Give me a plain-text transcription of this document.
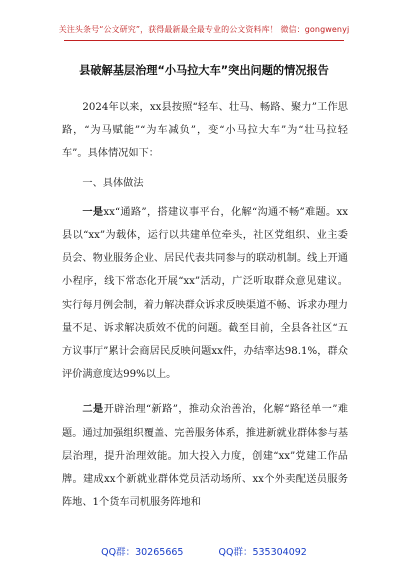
关注头条号“公文研究”，获得最新最全最专业的公文资料库！ 微信：gongwenyj
县破解基层治理“小马拉大车”突出问题的情况报告

2024年以来，xx县按照“轻车、壮马、畅路、聚力”工作思路，“为马赋能”“为车减负”，变“小马拉大车”为“壮马拉轻车”。具体情况如下：

一、具体做法

一是xx“通路”，搭建议事平台，化解“沟通不畅”难题。xx县以“xx”为载体，运行以共建单位牵头，社区党组织、业主委员会、物业服务企业、居民代表共同参与的联动机制。线上开通小程序，线下常态化开展“xx”活动，广泛听取群众意见建议。实行每月例会制，着力解决群众诉求反映渠道不畅、诉求办理力量不足、诉求解决质效不优的问题。截至目前，全县各社区“五方议事厅”累计会商居民反映问题xx件，办结率达98.1%，群众评价满意度达99%以上。

二是开辟治理“新路”，推动众治善治，化解“路径单一”难题。通过加强组织覆盖、完善服务体系，推进新就业群体参与基层治理，提升治理效能。加大投入力度，创建“xx”党建工作品牌。建成xx个新就业群体党员活动场所、xx个外卖配送员服务阵地、1个货车司机服务阵地和

QQ群：30265665	QQ群：535304092
